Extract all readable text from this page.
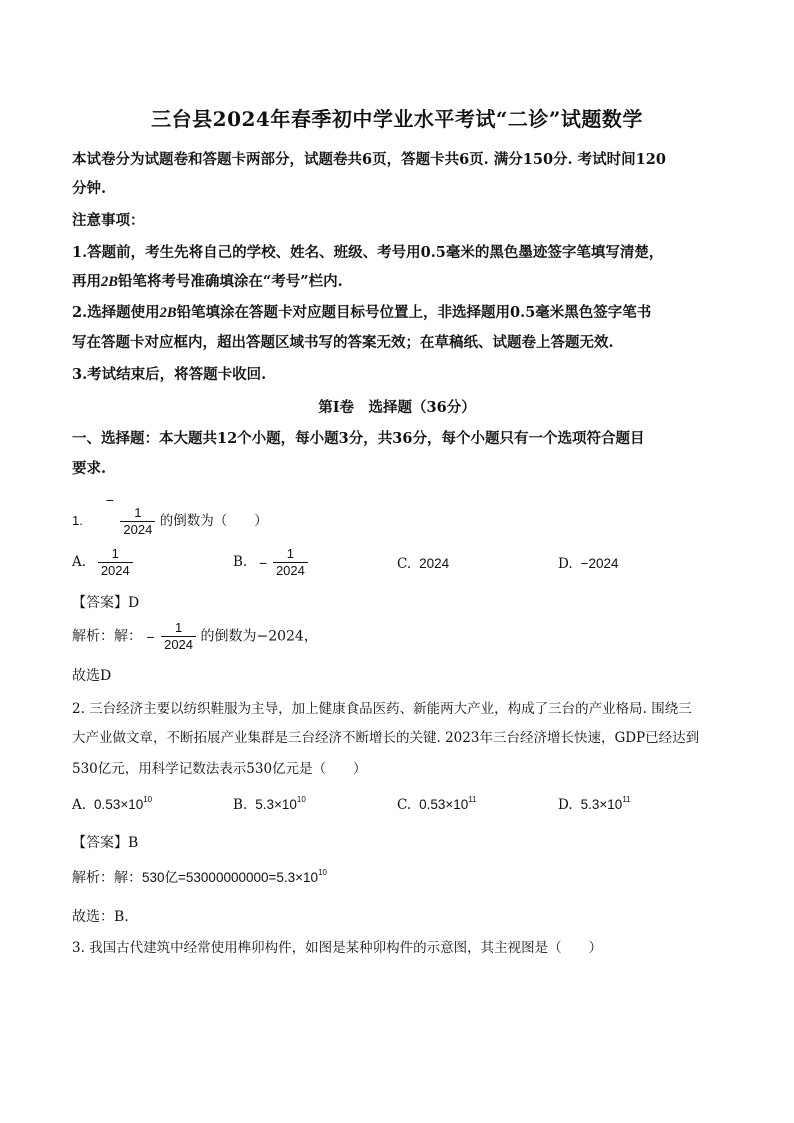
三台县2024年春季初中学业水平考试“二诊”试题数学
本试卷分为试题卷和答题卡两部分，试题卷共6页，答题卡共6页. 满分150分. 考试时间120
分钟.
注意事项：
1.答题前，考生先将自己的学校、姓名、班级、考号用0.5毫米的黑色墨迹签字笔填写清楚，
再用2B铅笔将考号准确填涂在“考号”栏内.
2.选择题使用2B铅笔填涂在答题卡对应题目标号位置上，非选择题用0.5毫米黑色签字笔书
写在答题卡对应框内，超出答题区域书写的答案无效；在草稿纸、试题卷上答题无效.
3.考试结束后，将答题卡收回.
第Ⅰ卷　选择题（36分）
一、选择题：本大题共12个小题，每小题3分，共36分，每个小题只有一个选项符合题目
要求.
1.  −
$\frac{1}{2024}$ 的倒数为（　　）
A. $\frac{1}{2024}$	B. − $\frac{1}{2024}$	C. 2024	D. −2024
【答案】D
解析：解： − $\frac{1}{2024}$ 的倒数为−2024，
故选D
2. 三台经济主要以纺织鞋服为主导，加上健康食品医药、新能两大产业，构成了三台的产业格局. 围绕三
大产业做文章，不断拓展产业集群是三台经济不断增长的关键. 2023年三台经济增长快速，GDP已经达到
530亿元，用科学记数法表示530亿元是（　　）
A. $0.53\times 10^{10}$	B. $5.3\times 10^{10}$	C. $0.53\times 10^{11}$	D. $5.3\times 10^{11}$
【答案】B
解析：解：530亿$=53000000000=5.3\times 10^{10}$
故选：B.
3. 我国古代建筑中经常使用榫卯构件，如图是某种卯构件的示意图，其主视图是（　　）
